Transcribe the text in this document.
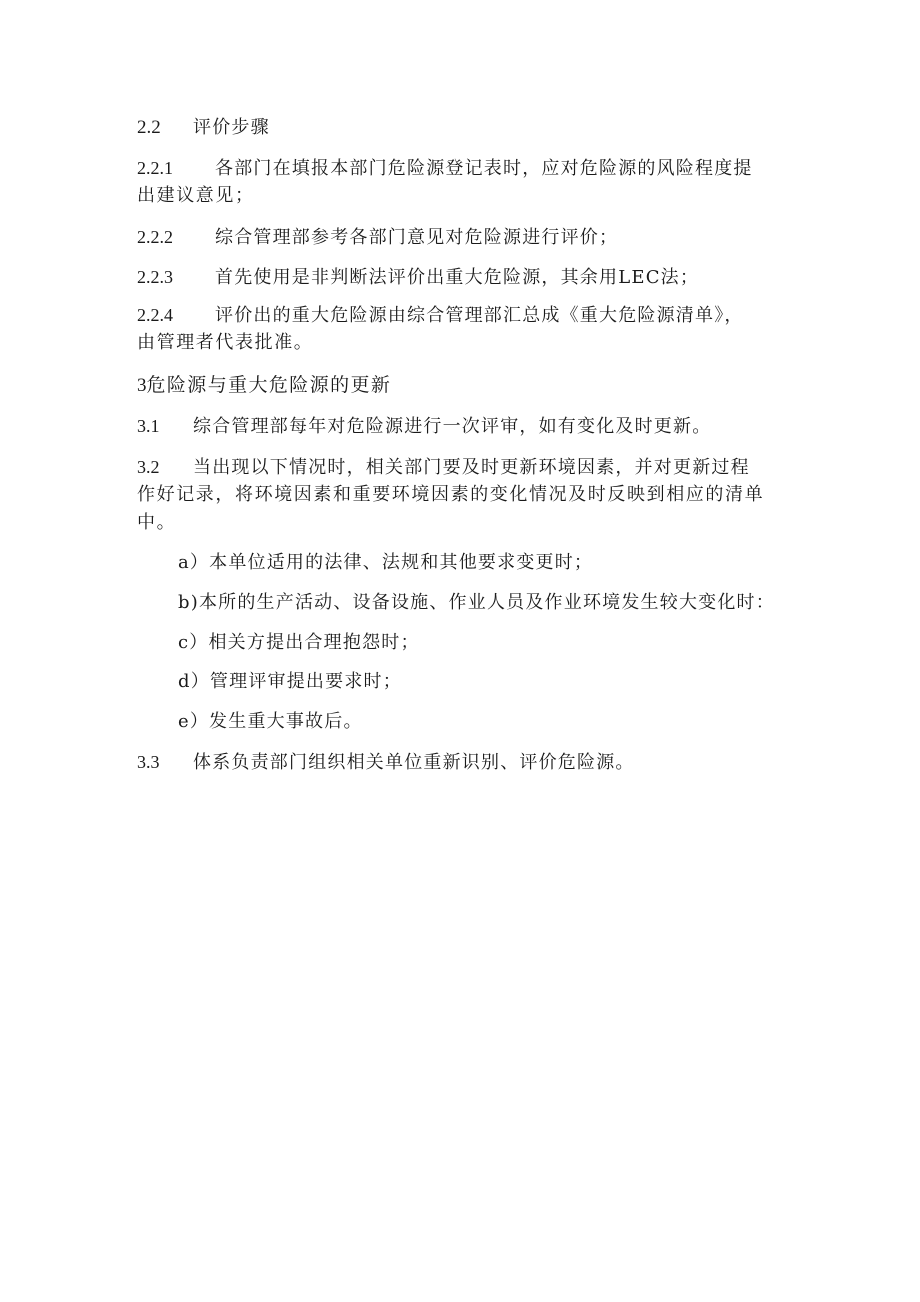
2.2 评价步骤
2.2.1 各部门在填报本部门危险源登记表时，应对危险源的风险程度提
出建议意见；
2.2.2 综合管理部参考各部门意见对危险源进行评价；
2.2.3 首先使用是非判断法评价出重大危险源，其余用LEC法；
2.2.4 评价出的重大危险源由综合管理部汇总成《重大危险源清单》，
由管理者代表批准。
3危险源与重大危险源的更新
3.1 综合管理部每年对危险源进行一次评审，如有变化及时更新。
3.2 当出现以下情况时，相关部门要及时更新环境因素，并对更新过程
作好记录，将环境因素和重要环境因素的变化情况及时反映到相应的清单
中。
a）本单位适用的法律、法规和其他要求变更时；
b)本所的生产活动、设备设施、作业人员及作业环境发生较大变化时：
c）相关方提出合理抱怨时；
d）管理评审提出要求时；
e）发生重大事故后。
3.3 体系负责部门组织相关单位重新识别、评价危险源。
